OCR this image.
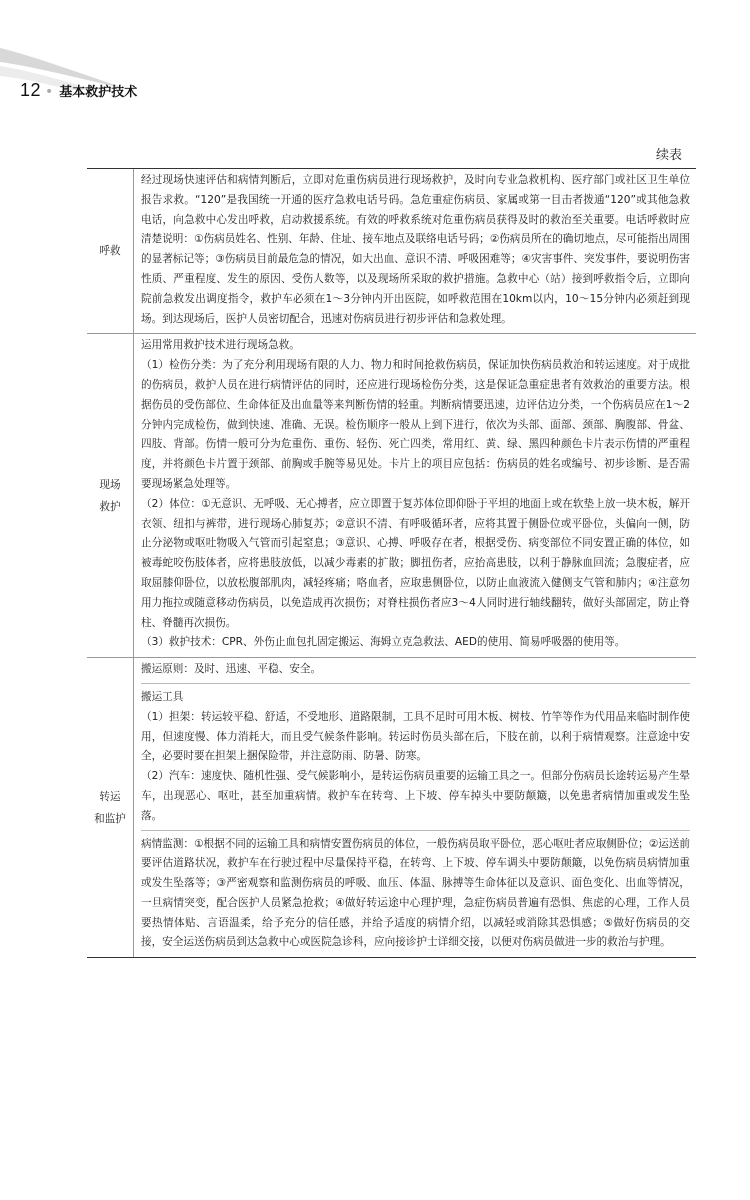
12 • 基本救护技术
续表
呼救

经过现场快速评估和病情判断后，立即对危重伤病员进行现场救护，及时向专业急救机构、医疗部门或社区卫生单位报告求救。“120”是我国统一开通的医疗急救电话号码。急危重症伤病员、家属或第一目击者拨通“120”或其他急救电话，向急救中心发出呼救，启动救援系统。有效的呼救系统对危重伤病员获得及时的救治至关重要。电话呼救时应清楚说明：①伤病员姓名、性别、年龄、住址、接车地点及联络电话号码；②伤病员所在的确切地点，尽可能指出周围的显著标记等；③伤病员目前最危急的情况，如大出血、意识不清、呼吸困难等；④灾害事件、突发事件，要说明伤害性质、严重程度、发生的原因、受伤人数等，以及现场所采取的救护措施。急救中心（站）接到呼救指令后，立即向院前急救发出调度指令，救护车必须在1～3分钟内开出医院，如呼救范围在10km以内，10～15分钟内必须赶到现场。到达现场后，医护人员密切配合，迅速对伤病员进行初步评估和急救处理。

现场
救护

运用常用救护技术进行现场急救。

（1）检伤分类：为了充分利用现场有限的人力、物力和时间抢救伤病员，保证加快伤病员救治和转运速度。对于成批的伤病员，救护人员在进行病情评估的同时，还应进行现场检伤分类，这是保证急重症患者有效救治的重要方法。根据伤员的受伤部位、生命体征及出血量等来判断伤情的轻重。判断病情要迅速，边评估边分类，一个伤病员应在1～2分钟内完成检伤，做到快速、准确、无误。检伤顺序一般从上到下进行，依次为头部、面部、颈部、胸腹部、骨盆、四肢、背部。伤情一般可分为危重伤、重伤、轻伤、死亡四类，常用红、黄、绿、黑四种颜色卡片表示伤情的严重程度，并将颜色卡片置于颈部、前胸或手腕等易见处。卡片上的项目应包括：伤病员的姓名或编号、初步诊断、是否需要现场紧急处理等。

（2）体位：①无意识、无呼吸、无心搏者，应立即置于复苏体位即仰卧于平坦的地面上或在软垫上放一块木板，解开衣领、纽扣与裤带，进行现场心肺复苏；②意识不清、有呼吸循环者，应将其置于侧卧位或平卧位，头偏向一侧，防止分泌物或呕吐物吸入气管而引起窒息；③意识、心搏、呼吸存在者，根据受伤、病变部位不同安置正确的体位，如被毒蛇咬伤肢体者，应将患肢放低，以减少毒素的扩散；脚扭伤者，应抬高患肢，以利于静脉血回流；急腹症者，应取屈膝仰卧位，以放松腹部肌肉，减轻疼痛；咯血者，应取患侧卧位，以防止血液流入健侧支气管和肺内；④注意勿用力拖拉或随意移动伤病员，以免造成再次损伤；对脊柱损伤者应3～4人同时进行轴线翻转，做好头部固定，防止脊柱、脊髓再次损伤。

（3）救护技术：CPR、外伤止血包扎固定搬运、海姆立克急救法、AED的使用、简易呼吸器的使用等。

转运
和监护

搬运原则：及时、迅速、平稳、安全。

搬运工具

（1）担架：转运较平稳、舒适，不受地形、道路限制，工具不足时可用木板、树枝、竹竿等作为代用品来临时制作使用，但速度慢、体力消耗大，而且受气候条件影响。转运时伤员头部在后，下肢在前，以利于病情观察。注意途中安全，必要时要在担架上捆保险带，并注意防雨、防暑、防寒。

（2）汽车：速度快、随机性强、受气候影响小，是转运伤病员重要的运输工具之一。但部分伤病员长途转运易产生晕车，出现恶心、呕吐，甚至加重病情。救护车在转弯、上下坡、停车掉头中要防颠簸，以免患者病情加重或发生坠落。

病情监测：①根据不同的运输工具和病情安置伤病员的体位，一般伤病员取平卧位，恶心呕吐者应取侧卧位；②运送前要评估道路状况，救护车在行驶过程中尽量保持平稳，在转弯、上下坡、停车调头中要防颠簸，以免伤病员病情加重或发生坠落等；③严密观察和监测伤病员的呼吸、血压、体温、脉搏等生命体征以及意识、面色变化、出血等情况，一旦病情突变，配合医护人员紧急抢救；④做好转运途中心理护理，急症伤病员普遍有恐惧、焦虑的心理，工作人员要热情体贴、言语温柔，给予充分的信任感，并给予适度的病情介绍，以减轻或消除其恐惧感；⑤做好伤病员的交接，安全运送伤病员到达急救中心或医院急诊科，应向接诊护士详细交接，以便对伤病员做进一步的救治与护理。
